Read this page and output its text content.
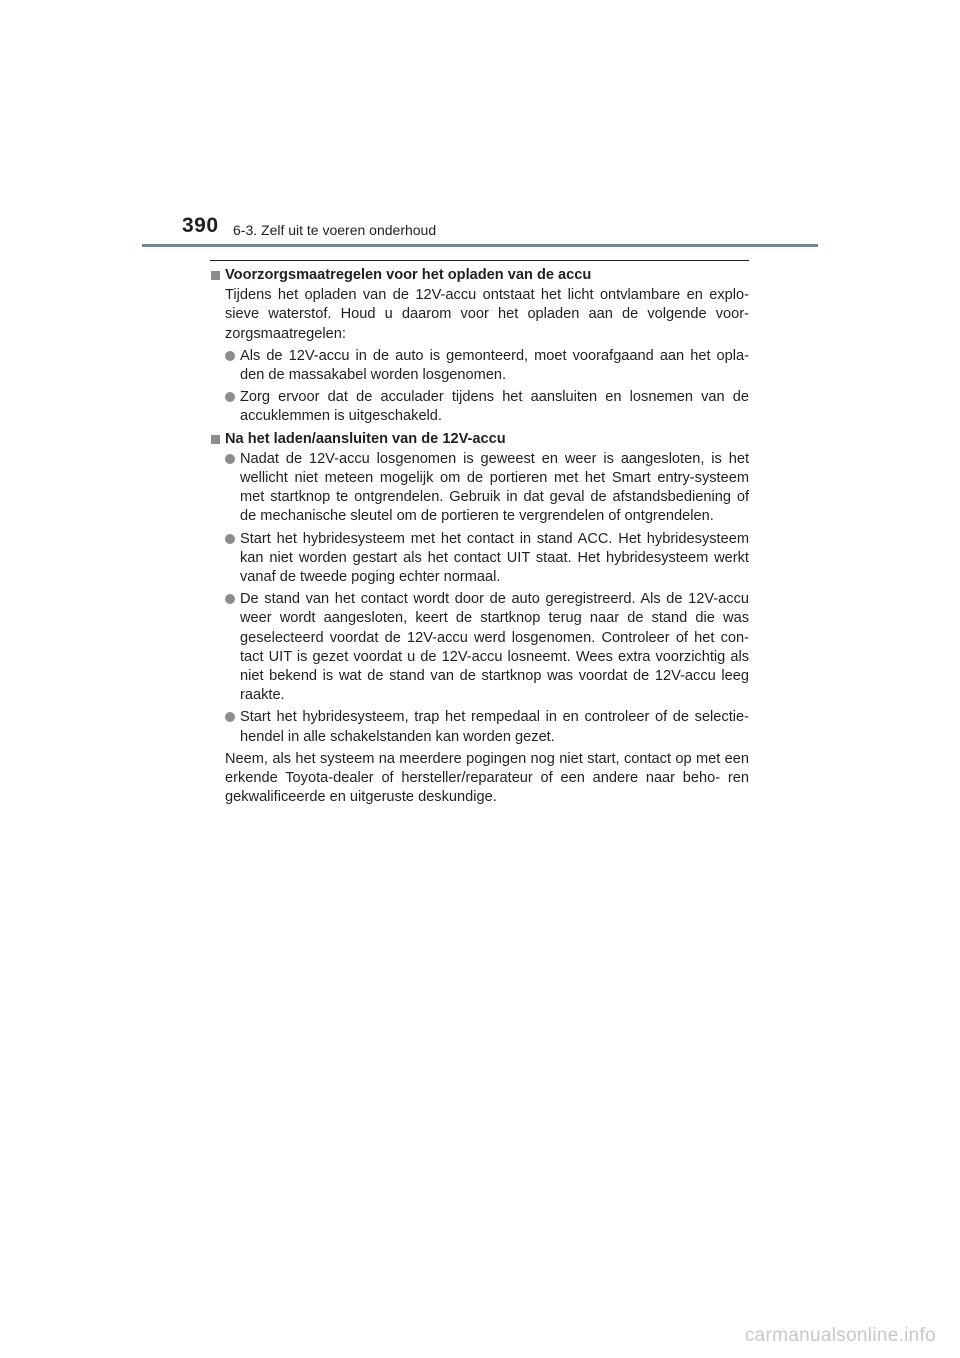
390 6-3. Zelf uit te voeren onderhoud
Voorzorgsmaatregelen voor het opladen van de accu
Tijdens het opladen van de 12V-accu ontstaat het licht ontvlambare en explo- sieve waterstof. Houd u daarom voor het opladen aan de volgende voor- zorgsmaatregelen:
Als de 12V-accu in de auto is gemonteerd, moet voorafgaand aan het opla- den de massakabel worden losgenomen.
Zorg ervoor dat de acculader tijdens het aansluiten en losnemen van de accuklemmen is uitgeschakeld.
Na het laden/aansluiten van de 12V-accu
Nadat de 12V-accu losgenomen is geweest en weer is aangesloten, is het wellicht niet meteen mogelijk om de portieren met het Smart entry-systeem met startknop te ontgrendelen. Gebruik in dat geval de afstandsbediening of de mechanische sleutel om de portieren te vergrendelen of ontgrendelen.
Start het hybridesysteem met het contact in stand ACC. Het hybridesysteem kan niet worden gestart als het contact UIT staat. Het hybridesysteem werkt vanaf de tweede poging echter normaal.
De stand van het contact wordt door de auto geregistreerd. Als de 12V-accu weer wordt aangesloten, keert de startknop terug naar de stand die was geselecteerd voordat de 12V-accu werd losgenomen. Controleer of het con- tact UIT is gezet voordat u de 12V-accu losneemt. Wees extra voorzichtig als niet bekend is wat de stand van de startknop was voordat de 12V-accu leeg raakte.
Start het hybridesysteem, trap het rempedaal in en controleer of de selectie- hendel in alle schakelstanden kan worden gezet.
Neem, als het systeem na meerdere pogingen nog niet start, contact op met een erkende Toyota-dealer of hersteller/reparateur of een andere naar beho- ren gekwalificeerde en uitgeruste deskundige.
carmanualsonline.info
